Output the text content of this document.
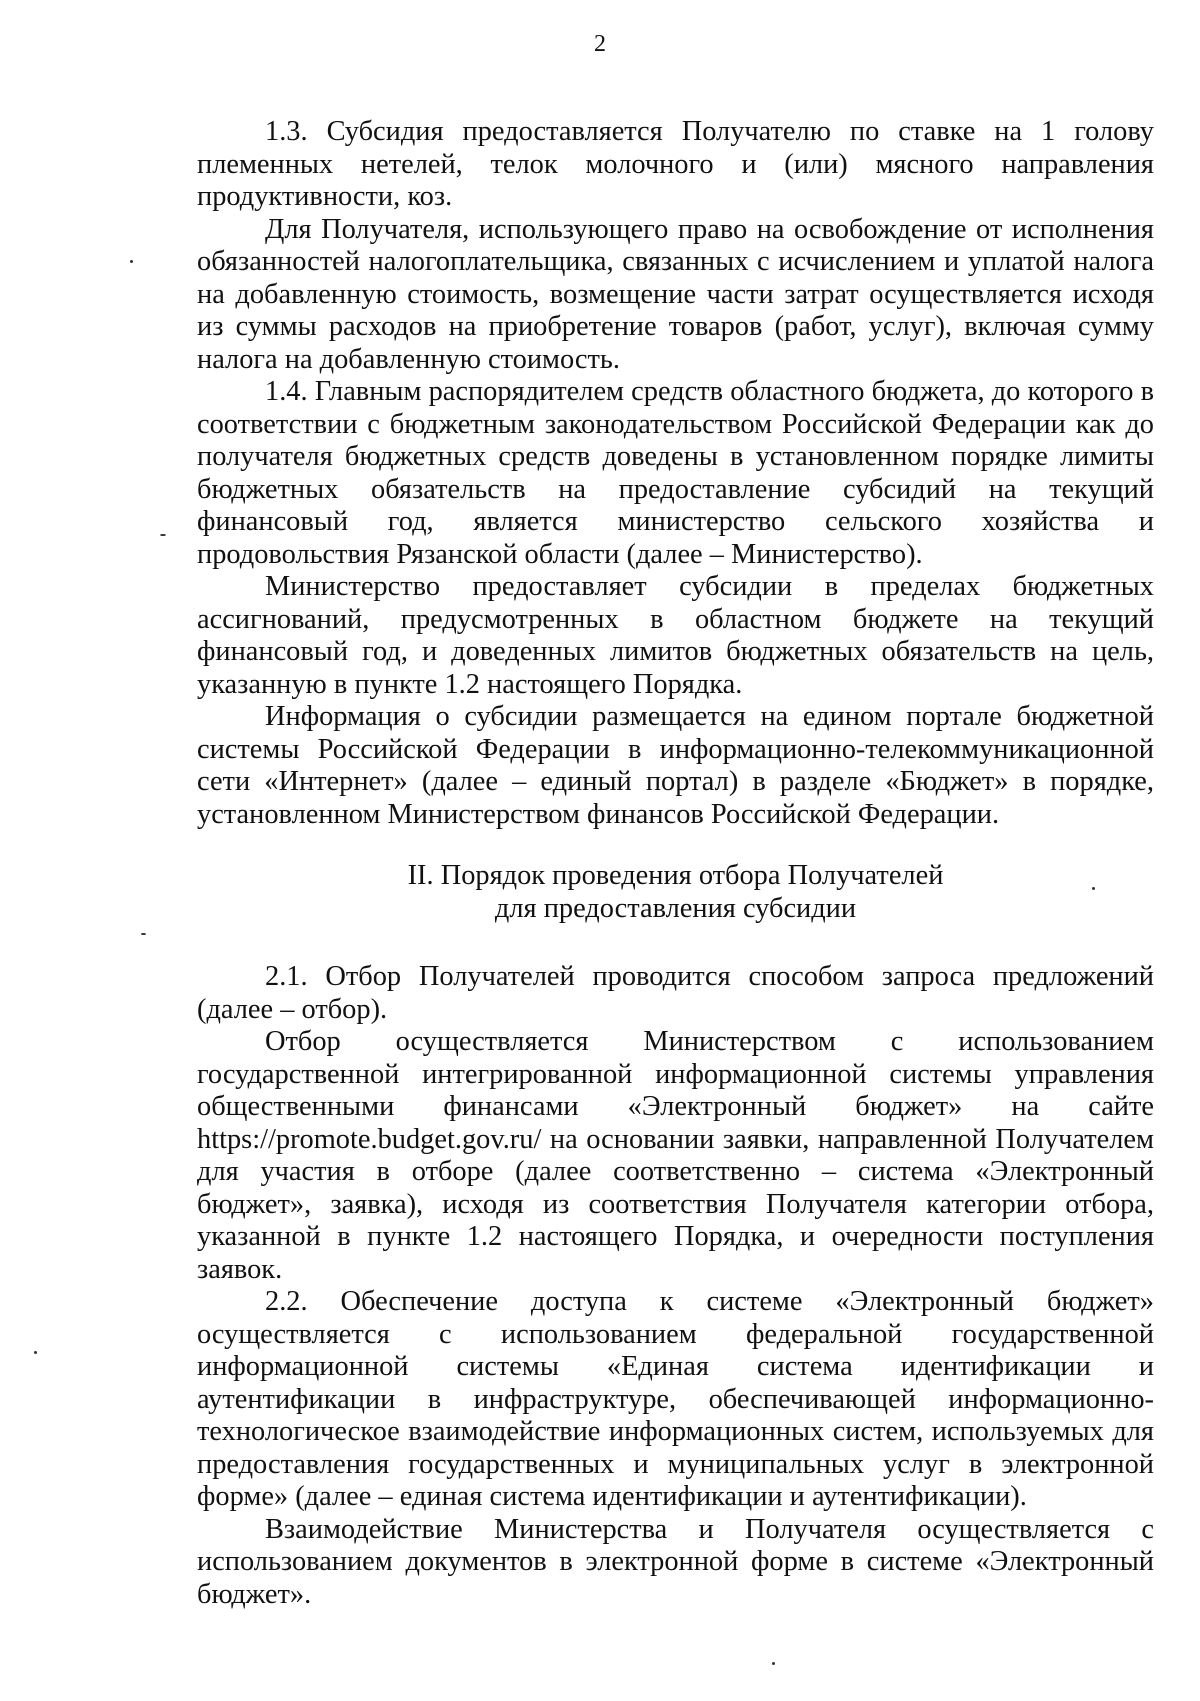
2

1.3. Субсидия предоставляется Получателю по ставке на 1 голову племенных нетелей, телок молочного и (или) мясного направления продуктивности, коз.

Для Получателя, использующего право на освобождение от исполнения обязанностей налогоплательщика, связанных с исчислением и уплатой налога на добавленную стоимость, возмещение части затрат осуществляется исходя из суммы расходов на приобретение товаров (работ, услуг), включая сумму налога на добавленную стоимость.

1.4. Главным распорядителем средств областного бюджета, до которого в соответствии с бюджетным законодательством Российской Федерации как до получателя бюджетных средств доведены в установленном порядке лимиты бюджетных обязательств на предоставление субсидий на текущий финансовый год, является министерство сельского хозяйства и продовольствия Рязанской области (далее – Министерство).

Министерство предоставляет субсидии в пределах бюджетных ассигнований, предусмотренных в областном бюджете на текущий финансовый год, и доведенных лимитов бюджетных обязательств на цель, указанную в пункте 1.2 настоящего Порядка.

Информация о субсидии размещается на едином портале бюджетной системы Российской Федерации в информационно-телекоммуникационной сети «Интернет» (далее – единый портал) в разделе «Бюджет» в порядке, установленном Министерством финансов Российской Федерации.

II. Порядок проведения отбора Получателей
для предоставления субсидии

2.1. Отбор Получателей проводится способом запроса предложений (далее – отбор).

Отбор осуществляется Министерством с использованием государственной интегрированной информационной системы управления общественными финансами «Электронный бюджет» на сайте https://promote.budget.gov.ru/ на основании заявки, направленной Получателем для участия в отборе (далее соответственно – система «Электронный бюджет», заявка), исходя из соответствия Получателя категории отбора, указанной в пункте 1.2 настоящего Порядка, и очередности поступления заявок.

2.2. Обеспечение доступа к системе «Электронный бюджет» осуществляется с использованием федеральной государственной информационной системы «Единая система идентификации и аутентификации в инфраструктуре, обеспечивающей информационно-технологическое взаимодействие информационных систем, используемых для предоставления государственных и муниципальных услуг в электронной форме» (далее – единая система идентификации и аутентификации).

Взаимодействие Министерства и Получателя осуществляется с использованием документов в электронной форме в системе «Электронный бюджет».
